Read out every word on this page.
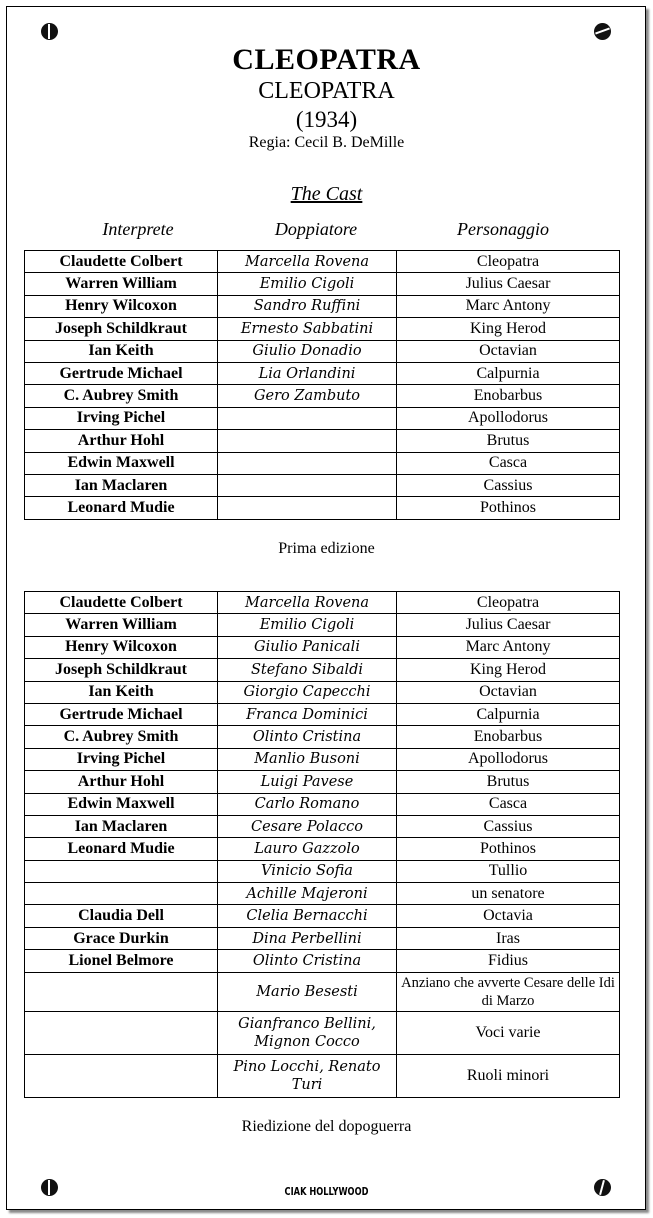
CLEOPATRA
CLEOPATRA
(1934)
Regia: Cecil B. DeMille
The Cast
Interprete	Doppiatore	Personaggio
Claudette Colbert	Marcella Rovena	Cleopatra
Warren William	Emilio Cigoli	Julius Caesar
Henry Wilcoxon	Sandro Ruffini	Marc Antony
Joseph Schildkraut	Ernesto Sabbatini	King Herod
Ian Keith	Giulio Donadio	Octavian
Gertrude Michael	Lia Orlandini	Calpurnia
C. Aubrey Smith	Gero Zambuto	Enobarbus
Irving Pichel		Apollodorus
Arthur Hohl		Brutus
Edwin Maxwell		Casca
Ian Maclaren		Cassius
Leonard Mudie		Pothinos
Prima edizione
Claudette Colbert	Marcella Rovena	Cleopatra
Warren William	Emilio Cigoli	Julius Caesar
Henry Wilcoxon	Giulio Panicali	Marc Antony
Joseph Schildkraut	Stefano Sibaldi	King Herod
Ian Keith	Giorgio Capecchi	Octavian
Gertrude Michael	Franca Dominici	Calpurnia
C. Aubrey Smith	Olinto Cristina	Enobarbus
Irving Pichel	Manlio Busoni	Apollodorus
Arthur Hohl	Luigi Pavese	Brutus
Edwin Maxwell	Carlo Romano	Casca
Ian Maclaren	Cesare Polacco	Cassius
Leonard Mudie	Lauro Gazzolo	Pothinos
	Vinicio Sofia	Tullio
	Achille Majeroni	un senatore
Claudia Dell	Clelia Bernacchi	Octavia
Grace Durkin	Dina Perbellini	Iras
Lionel Belmore	Olinto Cristina	Fidius
	Mario Besesti	Anziano che avverte Cesare delle Idi di Marzo
	Gianfranco Bellini, Mignon Cocco	Voci varie
	Pino Locchi, Renato Turi	Ruoli minori
Riedizione del dopoguerra
CIAK HOLLYWOOD
